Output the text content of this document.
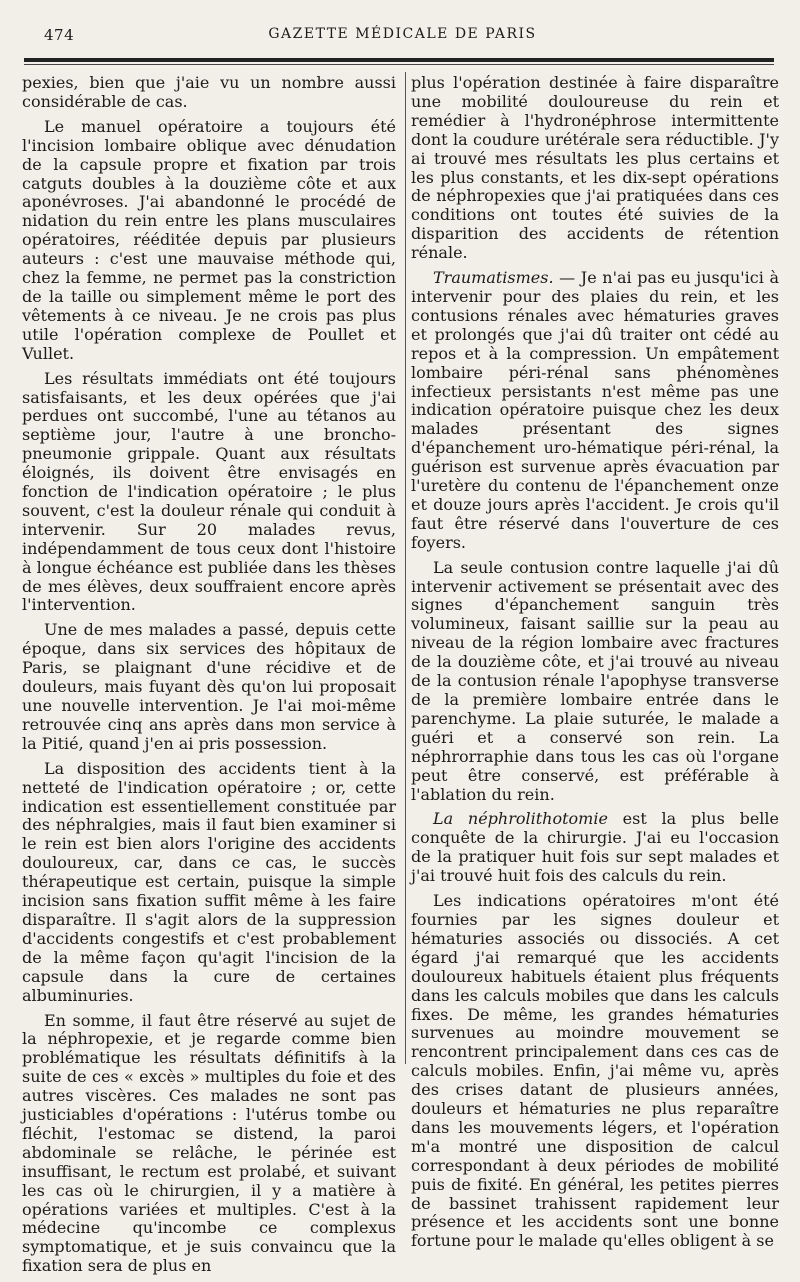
474	GAZETTE MÉDICALE DE PARIS

pexies, bien que j'aie vu un nombre aussi considérable de cas.

Le manuel opératoire a toujours été l'incision lombaire oblique avec dénudation de la capsule propre et fixation par trois catguts doubles à la douzième côte et aux aponévroses. J'ai abandonné le procédé de nidation du rein entre les plans musculaires opératoires, rééditée depuis par plusieurs auteurs : c'est une mauvaise méthode qui, chez la femme, ne permet pas la constriction de la taille ou simplement même le port des vêtements à ce niveau. Je ne crois pas plus utile l'opération complexe de Poullet et Vullet.

Les résultats immédiats ont été toujours satisfaisants, et les deux opérées que j'ai perdues ont succombé, l'une au tétanos au septième jour, l'autre à une broncho-pneumonie grippale. Quant aux résultats éloignés, ils doivent être envisagés en fonction de l'indication opératoire ; le plus souvent, c'est la douleur rénale qui conduit à intervenir. Sur 20 malades revus, indépendamment de tous ceux dont l'histoire à longue échéance est publiée dans les thèses de mes élèves, deux souffraient encore après l'intervention.

Une de mes malades a passé, depuis cette époque, dans six services des hôpitaux de Paris, se plaignant d'une récidive et de douleurs, mais fuyant dès qu'on lui proposait une nouvelle intervention. Je l'ai moi-même retrouvée cinq ans après dans mon service à la Pitié, quand j'en ai pris possession.

La disposition des accidents tient à la netteté de l'indication opératoire ; or, cette indication est essentiellement constituée par des néphralgies, mais il faut bien examiner si le rein est bien alors l'origine des accidents douloureux, car, dans ce cas, le succès thérapeutique est certain, puisque la simple incision sans fixation suffit même à les faire disparaître. Il s'agit alors de la suppression d'accidents congestifs et c'est probablement de la même façon qu'agit l'incision de la capsule dans la cure de certaines albuminuries.

En somme, il faut être réservé au sujet de la néphropexie, et je regarde comme bien problématique les résultats définitifs à la suite de ces « excès » multiples du foie et des autres viscères. Ces malades ne sont pas justiciables d'opérations : l'utérus tombe ou fléchit, l'estomac se distend, la paroi abdominale se relâche, le périnée est insuffisant, le rectum est prolabé, et suivant les cas où le chirurgien, il y a matière à opérations variées et multiples. C'est à la médecine qu'incombe ce complexus symptomatique, et je suis convaincu que la fixation sera de plus en

plus l'opération destinée à faire disparaître une mobilité douloureuse du rein et remédier à l'hydronéphrose intermittente dont la coudure urétérale sera réductible. J'y ai trouvé mes résultats les plus certains et les plus constants, et les dix-sept opérations de néphropexies que j'ai pratiquées dans ces conditions ont toutes été suivies de la disparition des accidents de rétention rénale.

Traumatismes. — Je n'ai pas eu jusqu'ici à intervenir pour des plaies du rein, et les contusions rénales avec hématuries graves et prolongés que j'ai dû traiter ont cédé au repos et à la compression. Un empâtement lombaire péri-rénal sans phénomènes infectieux persistants n'est même pas une indication opératoire puisque chez les deux malades présentant des signes d'épanchement uro-hématique péri-rénal, la guérison est survenue après évacuation par l'uretère du contenu de l'épanchement onze et douze jours après l'accident. Je crois qu'il faut être réservé dans l'ouverture de ces foyers.

La seule contusion contre laquelle j'ai dû intervenir activement se présentait avec des signes d'épanchement sanguin très volumineux, faisant saillie sur la peau au niveau de la région lombaire avec fractures de la douzième côte, et j'ai trouvé au niveau de la contusion rénale l'apophyse transverse de la première lombaire entrée dans le parenchyme. La plaie suturée, le malade a guéri et a conservé son rein. La néphrorraphie dans tous les cas où l'organe peut être conservé, est préférable à l'ablation du rein.

La néphrolithotomie est la plus belle conquête de la chirurgie. J'ai eu l'occasion de la pratiquer huit fois sur sept malades et j'ai trouvé huit fois des calculs du rein.

Les indications opératoires m'ont été fournies par les signes douleur et hématuries associés ou dissociés. A cet égard j'ai remarqué que les accidents douloureux habituels étaient plus fréquents dans les calculs mobiles que dans les calculs fixes. De même, les grandes hématuries survenues au moindre mouvement se rencontrent principalement dans ces cas de calculs mobiles. Enfin, j'ai même vu, après des crises datant de plusieurs années, douleurs et hématuries ne plus reparaître dans les mouvements légers, et l'opération m'a montré une disposition de calcul correspondant à deux périodes de mobilité puis de fixité. En général, les petites pierres de bassinet trahissent rapidement leur présence et les accidents sont une bonne fortune pour le malade qu'elles obligent à se
